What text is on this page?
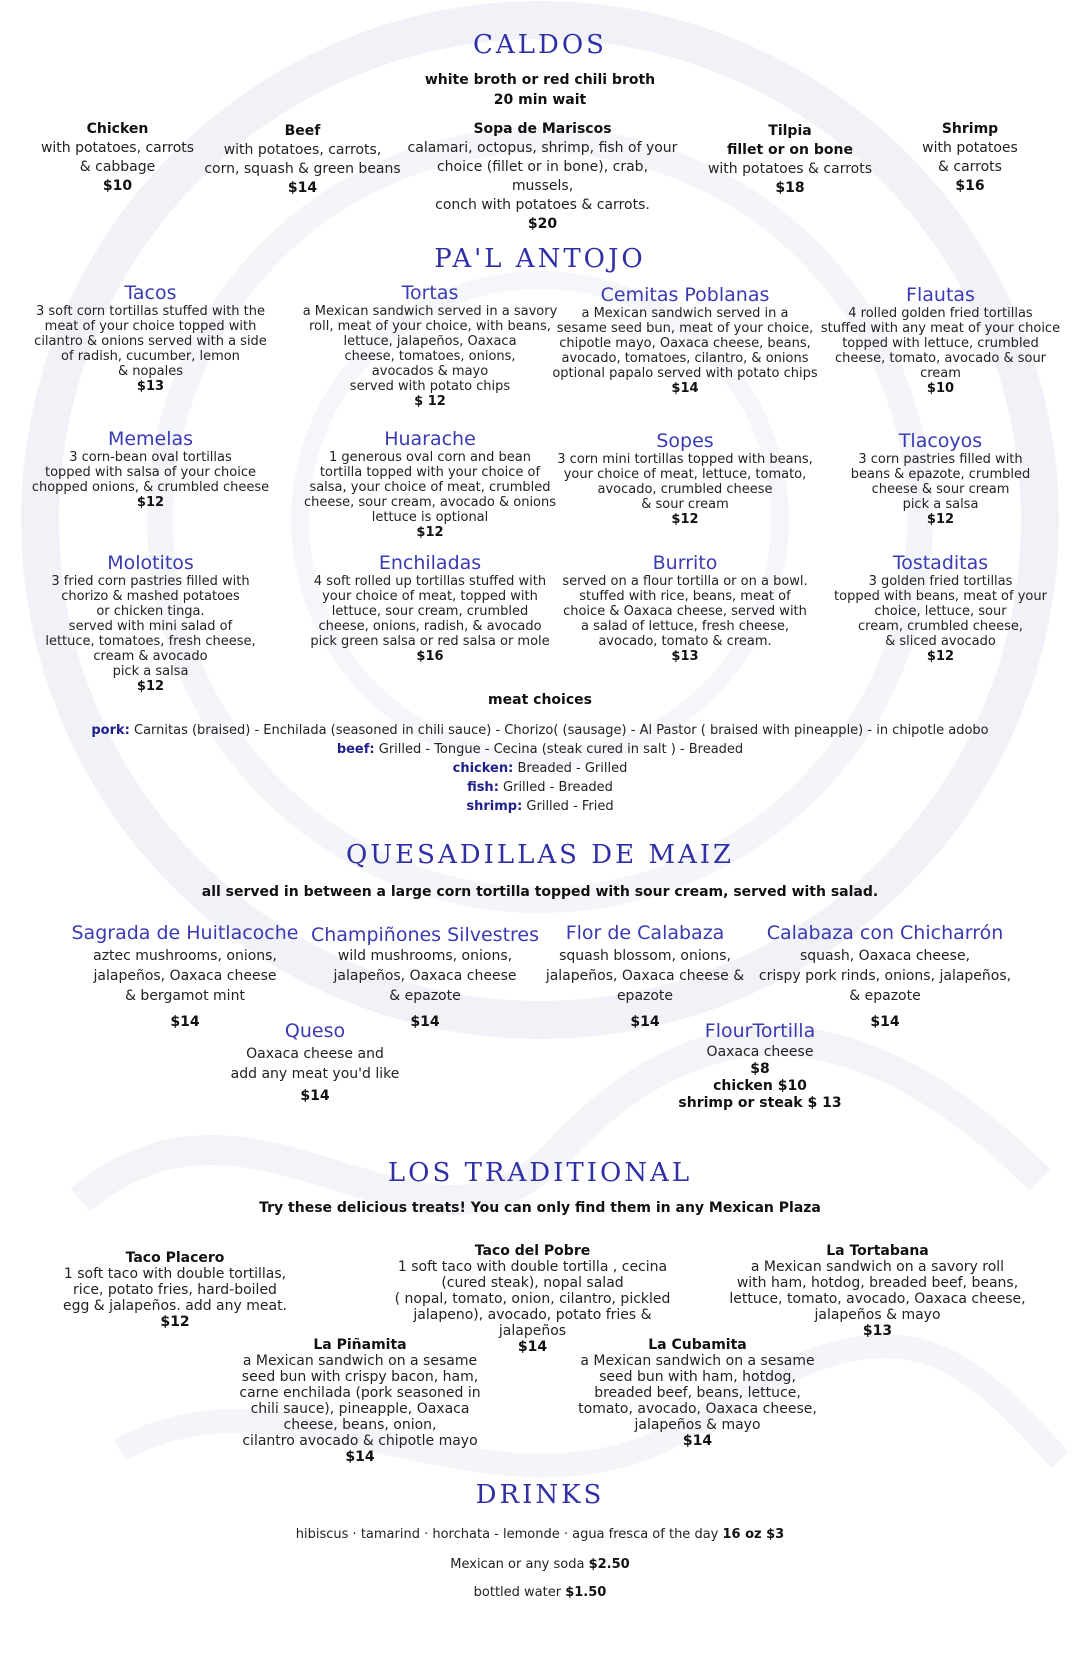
CALDOS
white broth or red chili broth
20 min wait
Chicken
with potatoes, carrots
& cabbage
$10
Beef
with potatoes, carrots,
corn, squash & green beans
$14
Sopa de Mariscos
calamari, octopus, shrimp, fish of your
choice (fillet or in bone), crab, mussels,
conch with potatoes & carrots.
$20
Tilpia
fillet or on bone
with potatoes & carrots
$18
Shrimp
with potatoes
& carrots
$16
PA'L ANTOJO
Tacos
3 soft corn tortillas stuffed with the
meat of your choice topped with
cilantro & onions served with a side
of radish, cucumber, lemon
& nopales
$13
Tortas
a Mexican sandwich served in a savory
roll, meat of your choice, with beans,
lettuce, jalapeños, Oaxaca
cheese, tomatoes, onions,
avocados & mayo
served with potato chips
$ 12
Cemitas Poblanas
a Mexican sandwich served in a
sesame seed bun, meat of your choice,
chipotle mayo, Oaxaca cheese, beans,
avocado, tomatoes, cilantro, & onions
optional papalo served with potato chips
$14
Flautas
4 rolled golden fried tortillas
stuffed with any meat of your choice
topped with lettuce, crumbled
cheese, tomato, avocado & sour
cream
$10
Memelas
3 corn-bean oval tortillas
topped with salsa of your choice
chopped onions, & crumbled cheese
$12
Huarache
1 generous oval corn and bean
tortilla topped with your choice of
salsa, your choice of meat, crumbled
cheese, sour cream, avocado & onions
lettuce is optional
$12
Sopes
3 corn mini tortillas topped with beans,
your choice of meat, lettuce, tomato,
avocado, crumbled cheese
& sour cream
$12
Tlacoyos
3 corn pastries filled with
beans & epazote, crumbled
cheese & sour cream
pick a salsa
$12
Molotitos
3 fried corn pastries filled with
chorizo & mashed potatoes
or chicken tinga.
served with mini salad of
lettuce, tomatoes, fresh cheese,
cream & avocado
pick a salsa
$12
Enchiladas
4 soft rolled up tortillas stuffed with
your choice of meat, topped with
lettuce, sour cream, crumbled
cheese, onions, radish, & avocado
pick green salsa or red salsa or mole
$16
Burrito
served on a flour tortilla or on a bowl.
stuffed with rice, beans, meat of
choice & Oaxaca cheese, served with
a salad of lettuce, fresh cheese,
avocado, tomato & cream.
$13
Tostaditas
3 golden fried tortillas
topped with beans, meat of your
choice, lettuce, sour
cream, crumbled cheese,
& sliced avocado
$12
meat choices
pork: Carnitas (braised) - Enchilada (seasoned in chili sauce) - Chorizo( (sausage) - Al Pastor ( braised with pineapple) - in chipotle adobo
beef: Grilled - Tongue - Cecina (steak cured in salt ) - Breaded
chicken: Breaded - Grilled
fish: Grilled - Breaded
shrimp: Grilled - Fried
QUESADILLAS DE MAIZ
all served in between a large corn tortilla topped with sour cream, served with salad.
Sagrada de Huitlacoche
aztec mushrooms, onions,
jalapeños, Oaxaca cheese
& bergamot mint
$14
Champiñones Silvestres
wild mushrooms, onions,
jalapeños, Oaxaca cheese
& epazote
$14
Flor de Calabaza
squash blossom, onions,
jalapeños, Oaxaca cheese &
epazote
$14
Calabaza con Chicharrón
squash, Oaxaca cheese,
crispy pork rinds, onions, jalapeños,
& epazote
$14
Queso
Oaxaca cheese and
add any meat you'd like
$14
FlourTortilla
Oaxaca cheese
$8
chicken $10
shrimp or steak $ 13
LOS TRADITIONAL
Try these delicious treats! You can only find them in any Mexican Plaza
Taco Placero
1 soft taco with double tortillas,
rice, potato fries, hard-boiled
egg & jalapeños. add any meat.
$12
Taco del Pobre
1 soft taco with double tortilla , cecina
(cured steak), nopal salad
( nopal, tomato, onion, cilantro, pickled
jalapeno), avocado, potato fries &
jalapeños
$14
La Tortabana
a Mexican sandwich on a savory roll
with ham, hotdog, breaded beef, beans,
lettuce, tomato, avocado, Oaxaca cheese,
jalapeños & mayo
$13
La Piñamita
a Mexican sandwich on a sesame
seed bun with crispy bacon, ham,
carne enchilada (pork seasoned in
chili sauce), pineapple, Oaxaca
cheese, beans, onion,
cilantro avocado & chipotle mayo
$14
La Cubamita
a Mexican sandwich on a sesame
seed bun with ham, hotdog,
breaded beef, beans, lettuce,
tomato, avocado, Oaxaca cheese,
jalapeños & mayo
$14
DRINKS
hibiscus · tamarind · horchata - lemonde · agua fresca of the day 16 oz $3
Mexican or any soda $2.50
bottled water $1.50
